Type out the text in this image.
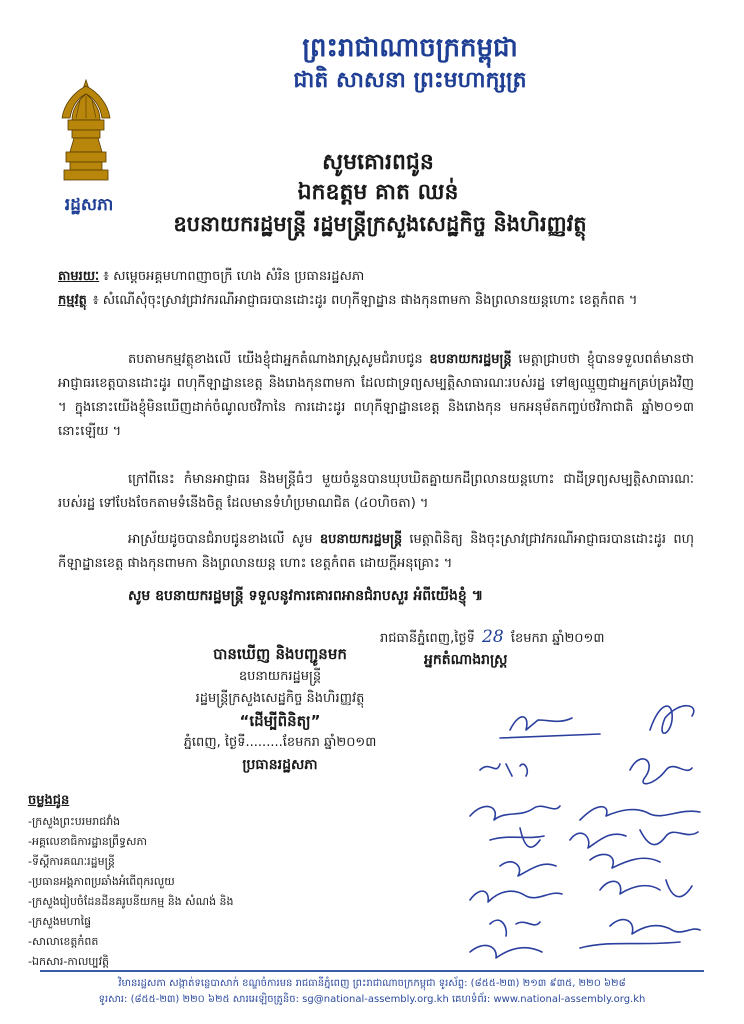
ព្រះរាជាណាចក្រកម្ពុជា
ជាតិ សាសនា ព្រះមហាក្សត្រ
រដ្ឋសភា
សូមគោរពជូន
ឯកឧត្តម គាត ឈន់
ឧបនាយករដ្ឋមន្ត្រី រដ្ឋមន្ត្រីក្រសួងសេដ្ឋកិច្ច និងហិរញ្ញវត្ថុ
តាមរយៈ ៖ សម្ដេចអគ្គមហាពញាចក្រី ហេង សំរិន ប្រធានរដ្ឋសភា
កម្មវត្ថុ ៖ សំណើសុំចុះស្រាវជ្រាវករណីអាជ្ញាធរបានដោះដូរ ពហុកីឡាដ្ឋាន ផាងកុនពាមកា និងព្រលានយន្តហោះ ខេត្តកំពត ។
តបតាមកម្មវត្ថុខាងលើ យើងខ្ញុំជាអ្នកតំណាងរាស្ត្រសូមជំរាបជូន ឧបនាយករដ្ឋមន្ត្រី មេត្តាជ្រាបថា ខ្ញុំបានទទួលពត៌មានថា អាជ្ញាធរខេត្តបានដោះដូរ ពហុកីឡាដ្ឋានខេត្ត និងរោងកុនពាមកា ដែលជាទ្រព្យសម្បត្តិសាធារណៈរបស់រដ្ឋ ទៅឲ្យឈ្មួញជាអ្នកគ្រប់គ្រងវិញ ។ ក្នុងនោះយើងខ្ញុំមិនឃើញដាក់ចំណូលថវិកានៃ ការដោះដូរ ពហុកីឡាដ្ឋានខេត្ត និងរោងកុន មកអនុម័តកញ្ចប់ថវិកាជាតិ ឆ្នាំ២០១៣ នោះឡើយ ។
ក្រៅពីនេះ កំមានអាជ្ញាធរ និងមន្ត្រីធំៗ មួយចំនួនបានឃុបឃិតគ្នាយកដីព្រលានយន្តហោះ ជាដីទ្រព្យសម្បត្តិសាធារណៈរបស់រដ្ឋ ទៅបែងចែកតាមទំនើងចិត្ត ដែលមានទំហំប្រមាណជិត (៤០ហិចតា) ។
អាស្រ័យដូចបានជំរាបជូនខាងលើ សូម ឧបនាយករដ្ឋមន្ត្រី មេត្តាពិនិត្យ និងចុះស្រាវជ្រាវករណីអាជ្ញាធរបានដោះដូរ ពហុកីឡាដ្ឋានខេត្ត ផាងកុនពាមកា និងព្រលានយន្ត ហោះ ខេត្តកំពត ដោយក្ដីអនុគ្រោះ ។
សូម ឧបនាយករដ្ឋមន្ត្រី ទទួលនូវការគោរពអានជំរាបសួរ អំពីយើងខ្ញុំ ៕
រាជធានីភ្នំពេញ,ថ្ងៃទី 28 ខែមករា ឆ្នាំ២០១៣
អ្នកតំណាងរាស្ត្រ
បានឃើញ និងបញ្ជូនមក
ឧបនាយករដ្ឋមន្ត្រី
រដ្ឋមន្ត្រីក្រសួងសេដ្ឋកិច្ច និងហិរញ្ញវត្ថុ
“ដើម្បីពិនិត្យ”
ភ្នំពេញ, ថ្ងៃទី.........ខែមករា ឆ្នាំ២០១៣
ប្រធានរដ្ឋសភា
ចម្លងជូន
-ក្រសួងព្រះបរមរាជវាំង
-អគ្គលេខាធិការដ្ឋានព្រឹទ្ធសភា
-ទីស្ដីការគណៈរដ្ឋមន្ត្រី
-ប្រធានអង្គភាពប្រឆាំងអំពើពុករលួយ
-ក្រសួងរៀបចំដែនដីនគរូបនីយកម្ម និង សំណង់ និង
-ក្រសួងមហាផ្ទៃ
-សាលាខេត្តកំពត
-ឯកសារ-កាលប្បវត្តិ
វិមានរដ្ឋសភា សង្កាត់ទន្លេបាសាក់ ខណ្ឌចំការមន រាជធានីភ្នំពេញ ព្រះរាជាណាចក្រកម្ពុជា ទូរស័ព្ទ: (៨៥៥-២៣) ២១៣ ៩៣៥, ២២០ ៦២៨
ទូរសារ: (៨៥៥-២៣) ២២០ ៦២៥ សារអេឡិចត្រូនិច: sg@national-assembly.org.kh គេហទំព័រ: www.national-assembly.org.kh
